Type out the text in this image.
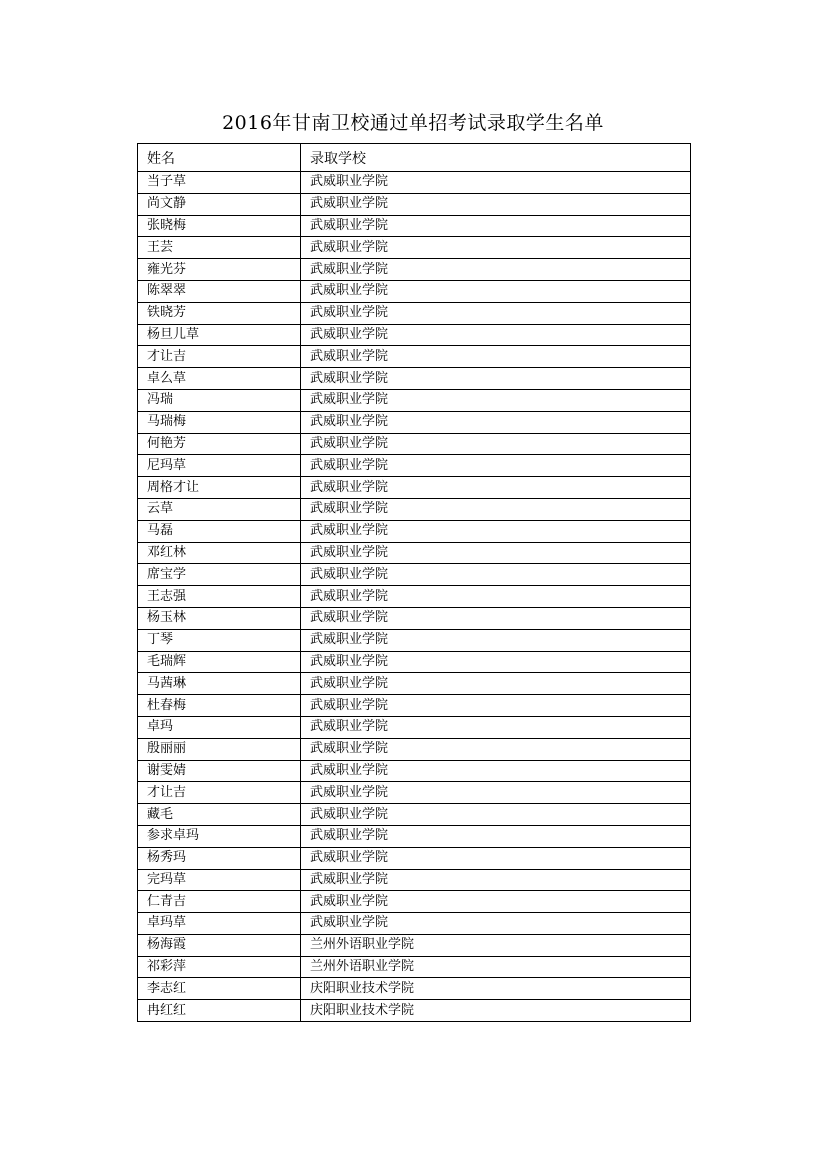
2016年甘南卫校通过单招考试录取学生名单
姓名	录取学校
当子草	武威职业学院
尚文静	武威职业学院
张晓梅	武威职业学院
王芸	武威职业学院
雍光芬	武威职业学院
陈翠翠	武威职业学院
铁晓芳	武威职业学院
杨旦儿草	武威职业学院
才让吉	武威职业学院
卓么草	武威职业学院
冯瑞	武威职业学院
马瑞梅	武威职业学院
何艳芳	武威职业学院
尼玛草	武威职业学院
周格才让	武威职业学院
云草	武威职业学院
马磊	武威职业学院
邓红林	武威职业学院
席宝学	武威职业学院
王志强	武威职业学院
杨玉林	武威职业学院
丁琴	武威职业学院
毛瑞辉	武威职业学院
马茜琳	武威职业学院
杜春梅	武威职业学院
卓玛	武威职业学院
殷丽丽	武威职业学院
谢雯婧	武威职业学院
才让吉	武威职业学院
藏毛	武威职业学院
参求卓玛	武威职业学院
杨秀玛	武威职业学院
完玛草	武威职业学院
仁青吉	武威职业学院
卓玛草	武威职业学院
杨海霞	兰州外语职业学院
祁彩萍	兰州外语职业学院
李志红	庆阳职业技术学院
冉红红	庆阳职业技术学院
